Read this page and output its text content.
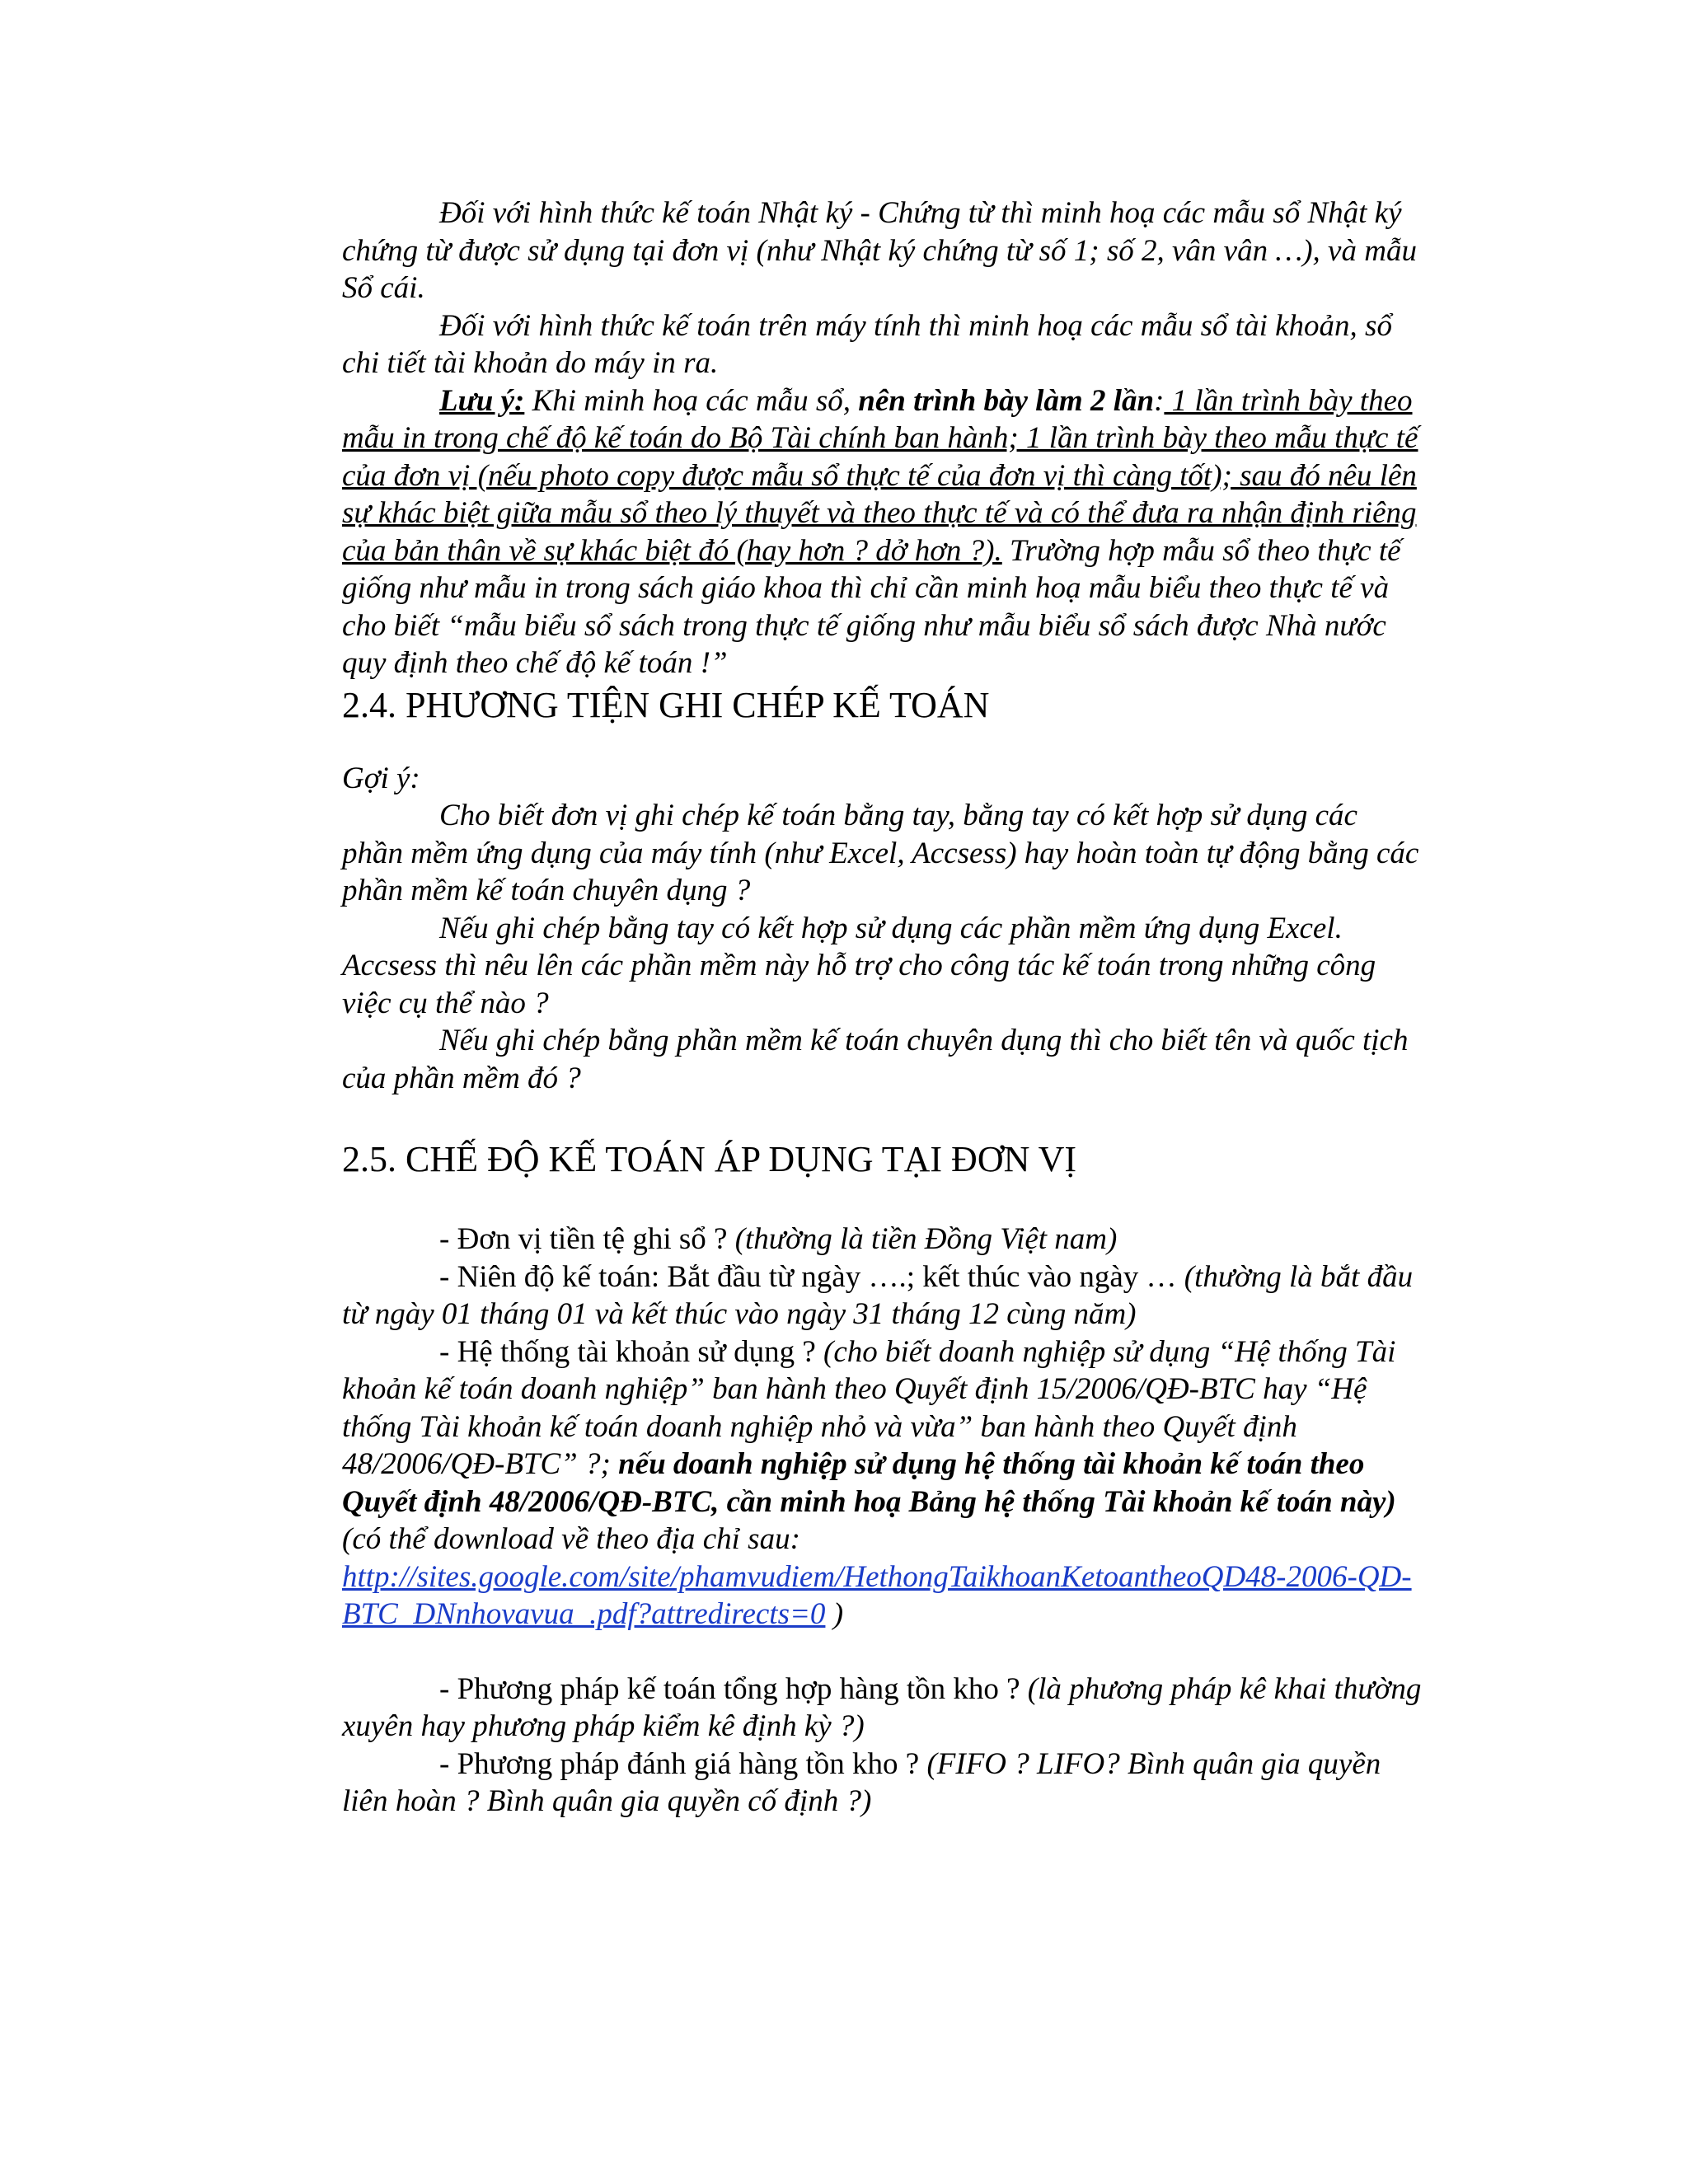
Đối với hình thức kế toán Nhật ký - Chứng từ thì minh hoạ các mẫu sổ Nhật ký chứng từ được sử dụng tại đơn vị (như Nhật ký chứng từ số 1; số 2, vân vân …), và mẫu Sổ cái.

Đối với hình thức kế toán trên máy tính thì minh hoạ các mẫu sổ tài khoản, sổ chi tiết tài khoản do máy in ra.

Lưu ý: Khi minh hoạ các mẫu sổ, nên trình bày làm 2 lần: 1 lần trình bày theo mẫu in trong chế độ kế toán do Bộ Tài chính ban hành; 1 lần trình bày theo mẫu thực tế của đơn vị (nếu photo copy được mẫu sổ thực tế của đơn vị thì càng tốt); sau đó nêu lên sự khác biệt giữa mẫu sổ theo lý thuyết và theo thực tế và có thể đưa ra nhận định riêng của bản thân về sự khác biệt đó (hay hơn ? dở hơn ?). Trường hợp mẫu sổ theo thực tế giống như mẫu in trong sách giáo khoa thì chỉ cần minh hoạ mẫu biểu theo thực tế và cho biết “mẫu biểu sổ sách trong thực tế giống như mẫu biểu sổ sách được Nhà nước quy định theo chế độ kế toán !”

2.4. PHƯƠNG TIỆN GHI CHÉP KẾ TOÁN

Gợi ý:

Cho biết đơn vị ghi chép kế toán bằng tay, bằng tay có kết hợp sử dụng các phần mềm ứng dụng của máy tính (như Excel, Accsess) hay hoàn toàn tự động bằng các phần mềm kế toán chuyên dụng ?

Nếu ghi chép bằng tay có kết hợp sử dụng các phần mềm ứng dụng Excel. Accsess thì nêu lên các phần mềm này hỗ trợ cho công tác kế toán trong những công việc cụ thể nào ?

Nếu ghi chép bằng phần mềm kế toán chuyên dụng thì cho biết tên và quốc tịch của phần mềm đó ?

2.5. CHẾ ĐỘ KẾ TOÁN ÁP DỤNG TẠI ĐƠN VỊ

- Đơn vị tiền tệ ghi sổ ? (thường là tiền Đồng Việt nam)

- Niên độ kế toán: Bắt đầu từ ngày ….; kết thúc vào ngày … (thường là bắt đầu từ ngày 01 tháng 01 và kết thúc vào ngày 31 tháng 12 cùng năm)

- Hệ thống tài khoản sử dụng ? (cho biết doanh nghiệp sử dụng “Hệ thống Tài khoản kế toán doanh nghiệp” ban hành theo Quyết định 15/2006/QĐ-BTC hay “Hệ thống Tài khoản kế toán doanh nghiệp nhỏ và vừa” ban hành theo Quyết định 48/2006/QĐ-BTC” ?; nếu doanh nghiệp sử dụng hệ thống tài khoản kế toán theo Quyết định 48/2006/QĐ-BTC, cần minh hoạ Bảng hệ thống Tài khoản kế toán này)

(có thể download về theo địa chỉ sau:

http://sites.google.com/site/phamvudiem/HethongTaikhoanKetoantheoQD48-2006-QD-BTC_DNnhovavua_.pdf?attredirects=0 )

- Phương pháp kế toán tổng hợp hàng tồn kho ? (là phương pháp kê khai thường xuyên hay phương pháp kiểm kê định kỳ ?)

- Phương pháp đánh giá hàng tồn kho ? (FIFO ? LIFO? Bình quân gia quyền liên hoàn ? Bình quân gia quyền cố định ?)
